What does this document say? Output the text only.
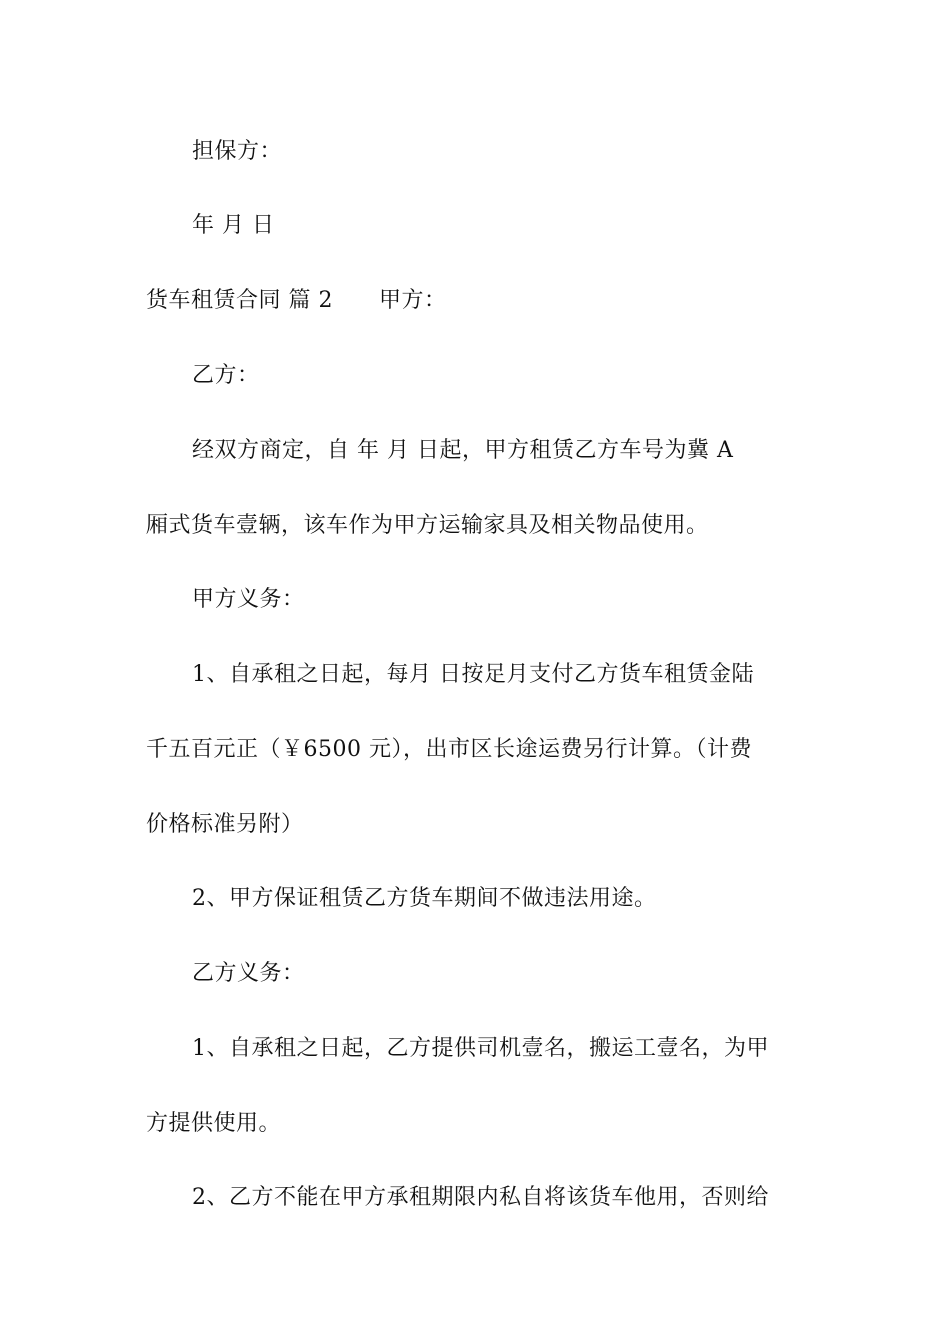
担保方：
年 月 日
货车租赁合同 篇 2 甲方：
乙方：
经双方商定，自 年 月 日起，甲方租赁乙方车号为冀 A
厢式货车壹辆，该车作为甲方运输家具及相关物品使用。
甲方义务：
1、自承租之日起，每月 日按足月支付乙方货车租赁金陆
千五百元正（￥6500 元），出市区长途运费另行计算。（计费
价格标准另附）
2、甲方保证租赁乙方货车期间不做违法用途。
乙方义务：
1、自承租之日起，乙方提供司机壹名，搬运工壹名，为甲
方提供使用。
2、乙方不能在甲方承租期限内私自将该货车他用，否则给
